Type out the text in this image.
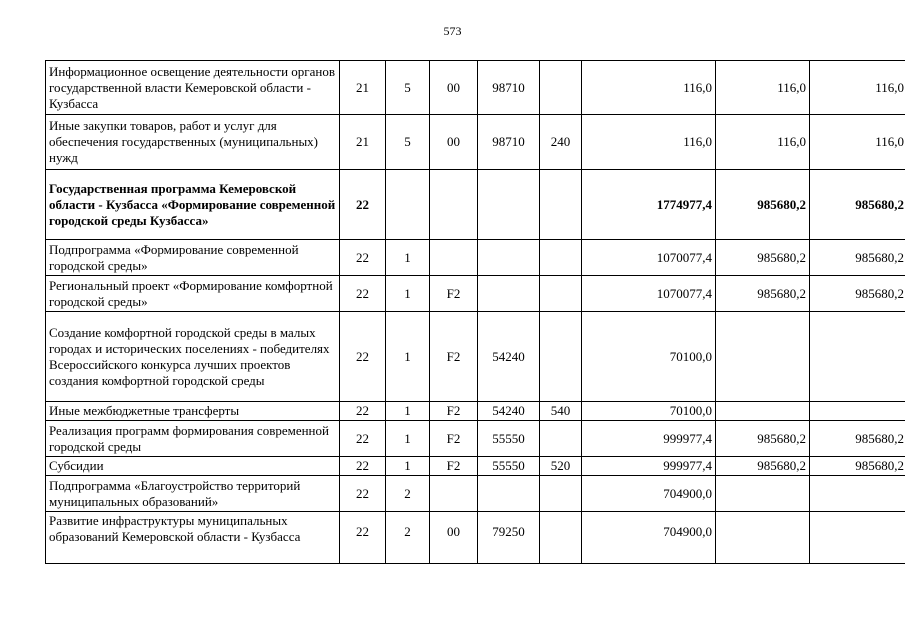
573
Информационное освещение деятельности органов государственной власти Кемеровской области - Кузбасса	21	5	00	98710		116,0	116,0	116,0
Иные закупки товаров, работ и услуг для обеспечения государственных (муниципальных) нужд	21	5	00	98710	240	116,0	116,0	116,0
Государственная программа Кемеровской области - Кузбасса «Формирование современной городской среды Кузбасса»	22					1774977,4	985680,2	985680,2
Подпрограмма «Формирование современной городской среды»	22	1				1070077,4	985680,2	985680,2
Региональный проект «Формирование комфортной городской среды»	22	1	F2			1070077,4	985680,2	985680,2
Создание комфортной городской среды в малых городах и исторических поселениях - победителях Всероссийского конкурса лучших проектов создания комфортной городской среды	22	1	F2	54240		70100,0		
Иные межбюджетные трансферты	22	1	F2	54240	540	70100,0		
Реализация программ формирования современной городской среды	22	1	F2	55550		999977,4	985680,2	985680,2
Субсидии	22	1	F2	55550	520	999977,4	985680,2	985680,2
Подпрограмма «Благоустройство территорий муниципальных образований»	22	2				704900,0		
Развитие инфраструктуры муниципальных образований Кемеровской области - Кузбасса	22	2	00	79250		704900,0		
